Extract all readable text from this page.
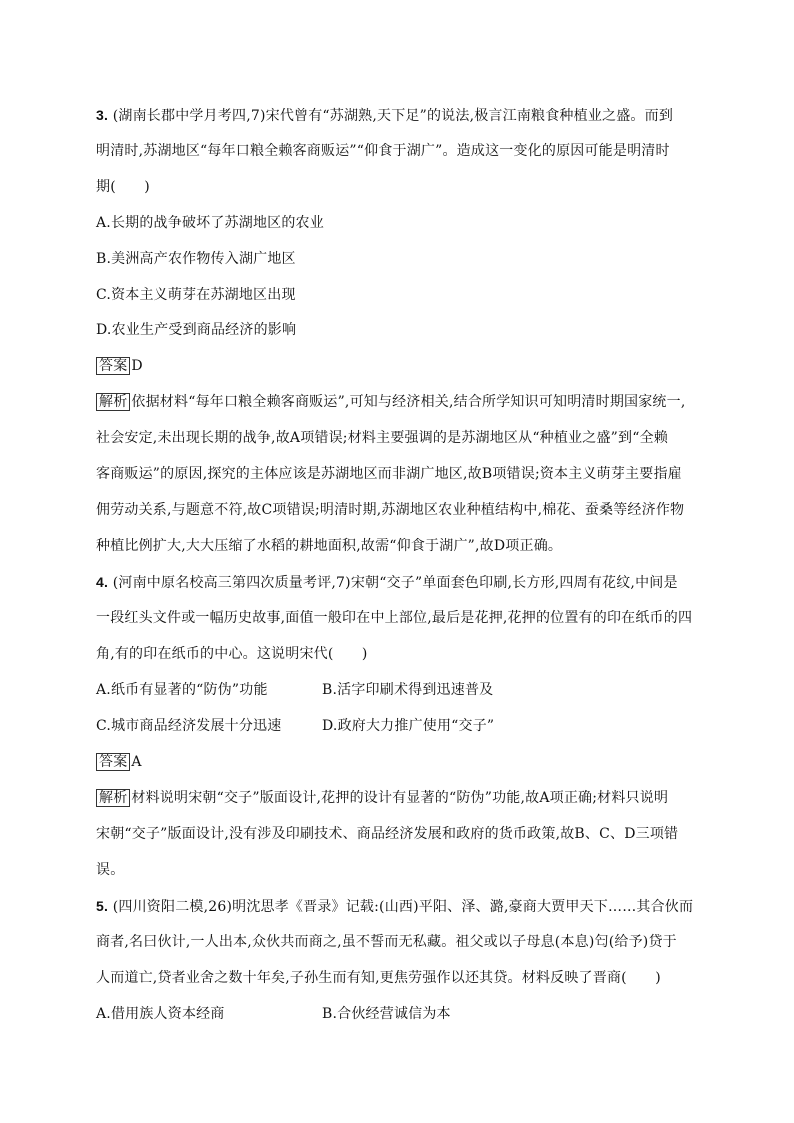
3. (湖南长郡中学月考四,7)宋代曾有“苏湖熟,天下足”的说法,极言江南粮食种植业之盛。而到
明清时,苏湖地区“每年口粮全赖客商贩运”“仰食于湖广”。造成这一变化的原因可能是明清时
期(　　)
A.长期的战争破坏了苏湖地区的农业
B.美洲高产农作物传入湖广地区
C.资本主义萌芽在苏湖地区出现
D.农业生产受到商品经济的影响
答案 D
解析 依据材料“每年口粮全赖客商贩运”,可知与经济相关,结合所学知识可知明清时期国家统一,
社会安定,未出现长期的战争,故A项错误;材料主要强调的是苏湖地区从“种植业之盛”到“全赖
客商贩运”的原因,探究的主体应该是苏湖地区而非湖广地区,故B项错误;资本主义萌芽主要指雇
佣劳动关系,与题意不符,故C项错误;明清时期,苏湖地区农业种植结构中,棉花、蚕桑等经济作物
种植比例扩大,大大压缩了水稻的耕地面积,故需“仰食于湖广”,故D项正确。
4. (河南中原名校高三第四次质量考评,7)宋朝“交子”单面套色印刷,长方形,四周有花纹,中间是
一段红头文件或一幅历史故事,面值一般印在中上部位,最后是花押,花押的位置有的印在纸币的四
角,有的印在纸币的中心。这说明宋代(　　)
A.纸币有显著的“防伪”功能	B.活字印刷术得到迅速普及
C.城市商品经济发展十分迅速	D.政府大力推广使用“交子”
答案 A
解析 材料说明宋朝“交子”版面设计,花押的设计有显著的“防伪”功能,故A项正确;材料只说明
宋朝“交子”版面设计,没有涉及印刷技术、商品经济发展和政府的货币政策,故B、C、D三项错
误。
5. (四川资阳二模,26)明沈思孝《晋录》记载:(山西)平阳、泽、潞,豪商大贾甲天下……其合伙而
商者,名曰伙计,一人出本,众伙共而商之,虽不誓而无私藏。祖父或以子母息(本息)匄(给予)贷于
人而道亡,贷者业舍之数十年矣,子孙生而有知,更焦劳强作以还其贷。材料反映了晋商(　　)
A.借用族人资本经商	B.合伙经营诚信为本
